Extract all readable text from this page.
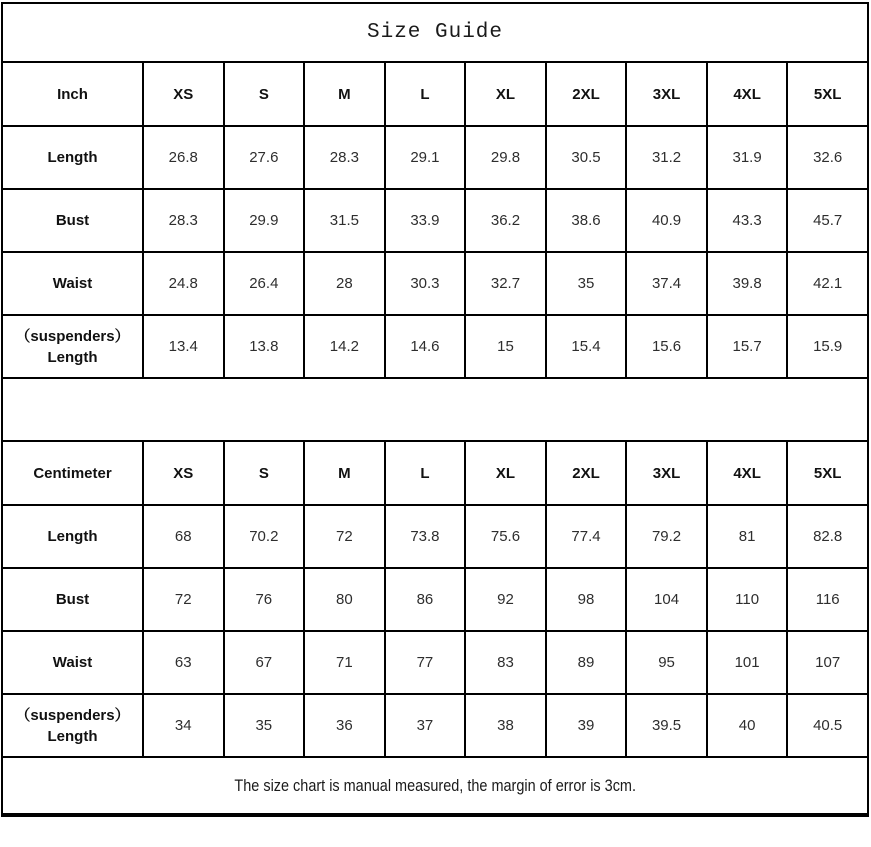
Size Guide									
Inch	XS	S	M	L	XL	2XL	3XL	4XL	5XL
Length	26.8	27.6	28.3	29.1	29.8	30.5	31.2	31.9	32.6
Bust	28.3	29.9	31.5	33.9	36.2	38.6	40.9	43.3	45.7
Waist	24.8	26.4	28	30.3	32.7	35	37.4	39.8	42.1
（suspenders）
Length	13.4	13.8	14.2	14.6	15	15.4	15.6	15.7	15.9

Centimeter	XS	S	M	L	XL	2XL	3XL	4XL	5XL
Length	68	70.2	72	73.8	75.6	77.4	79.2	81	82.8
Bust	72	76	80	86	92	98	104	110	116
Waist	63	67	71	77	83	89	95	101	107
（suspenders）
Length	34	35	36	37	38	39	39.5	40	40.5
The size chart is manual measured, the margin of error is 3cm.									
